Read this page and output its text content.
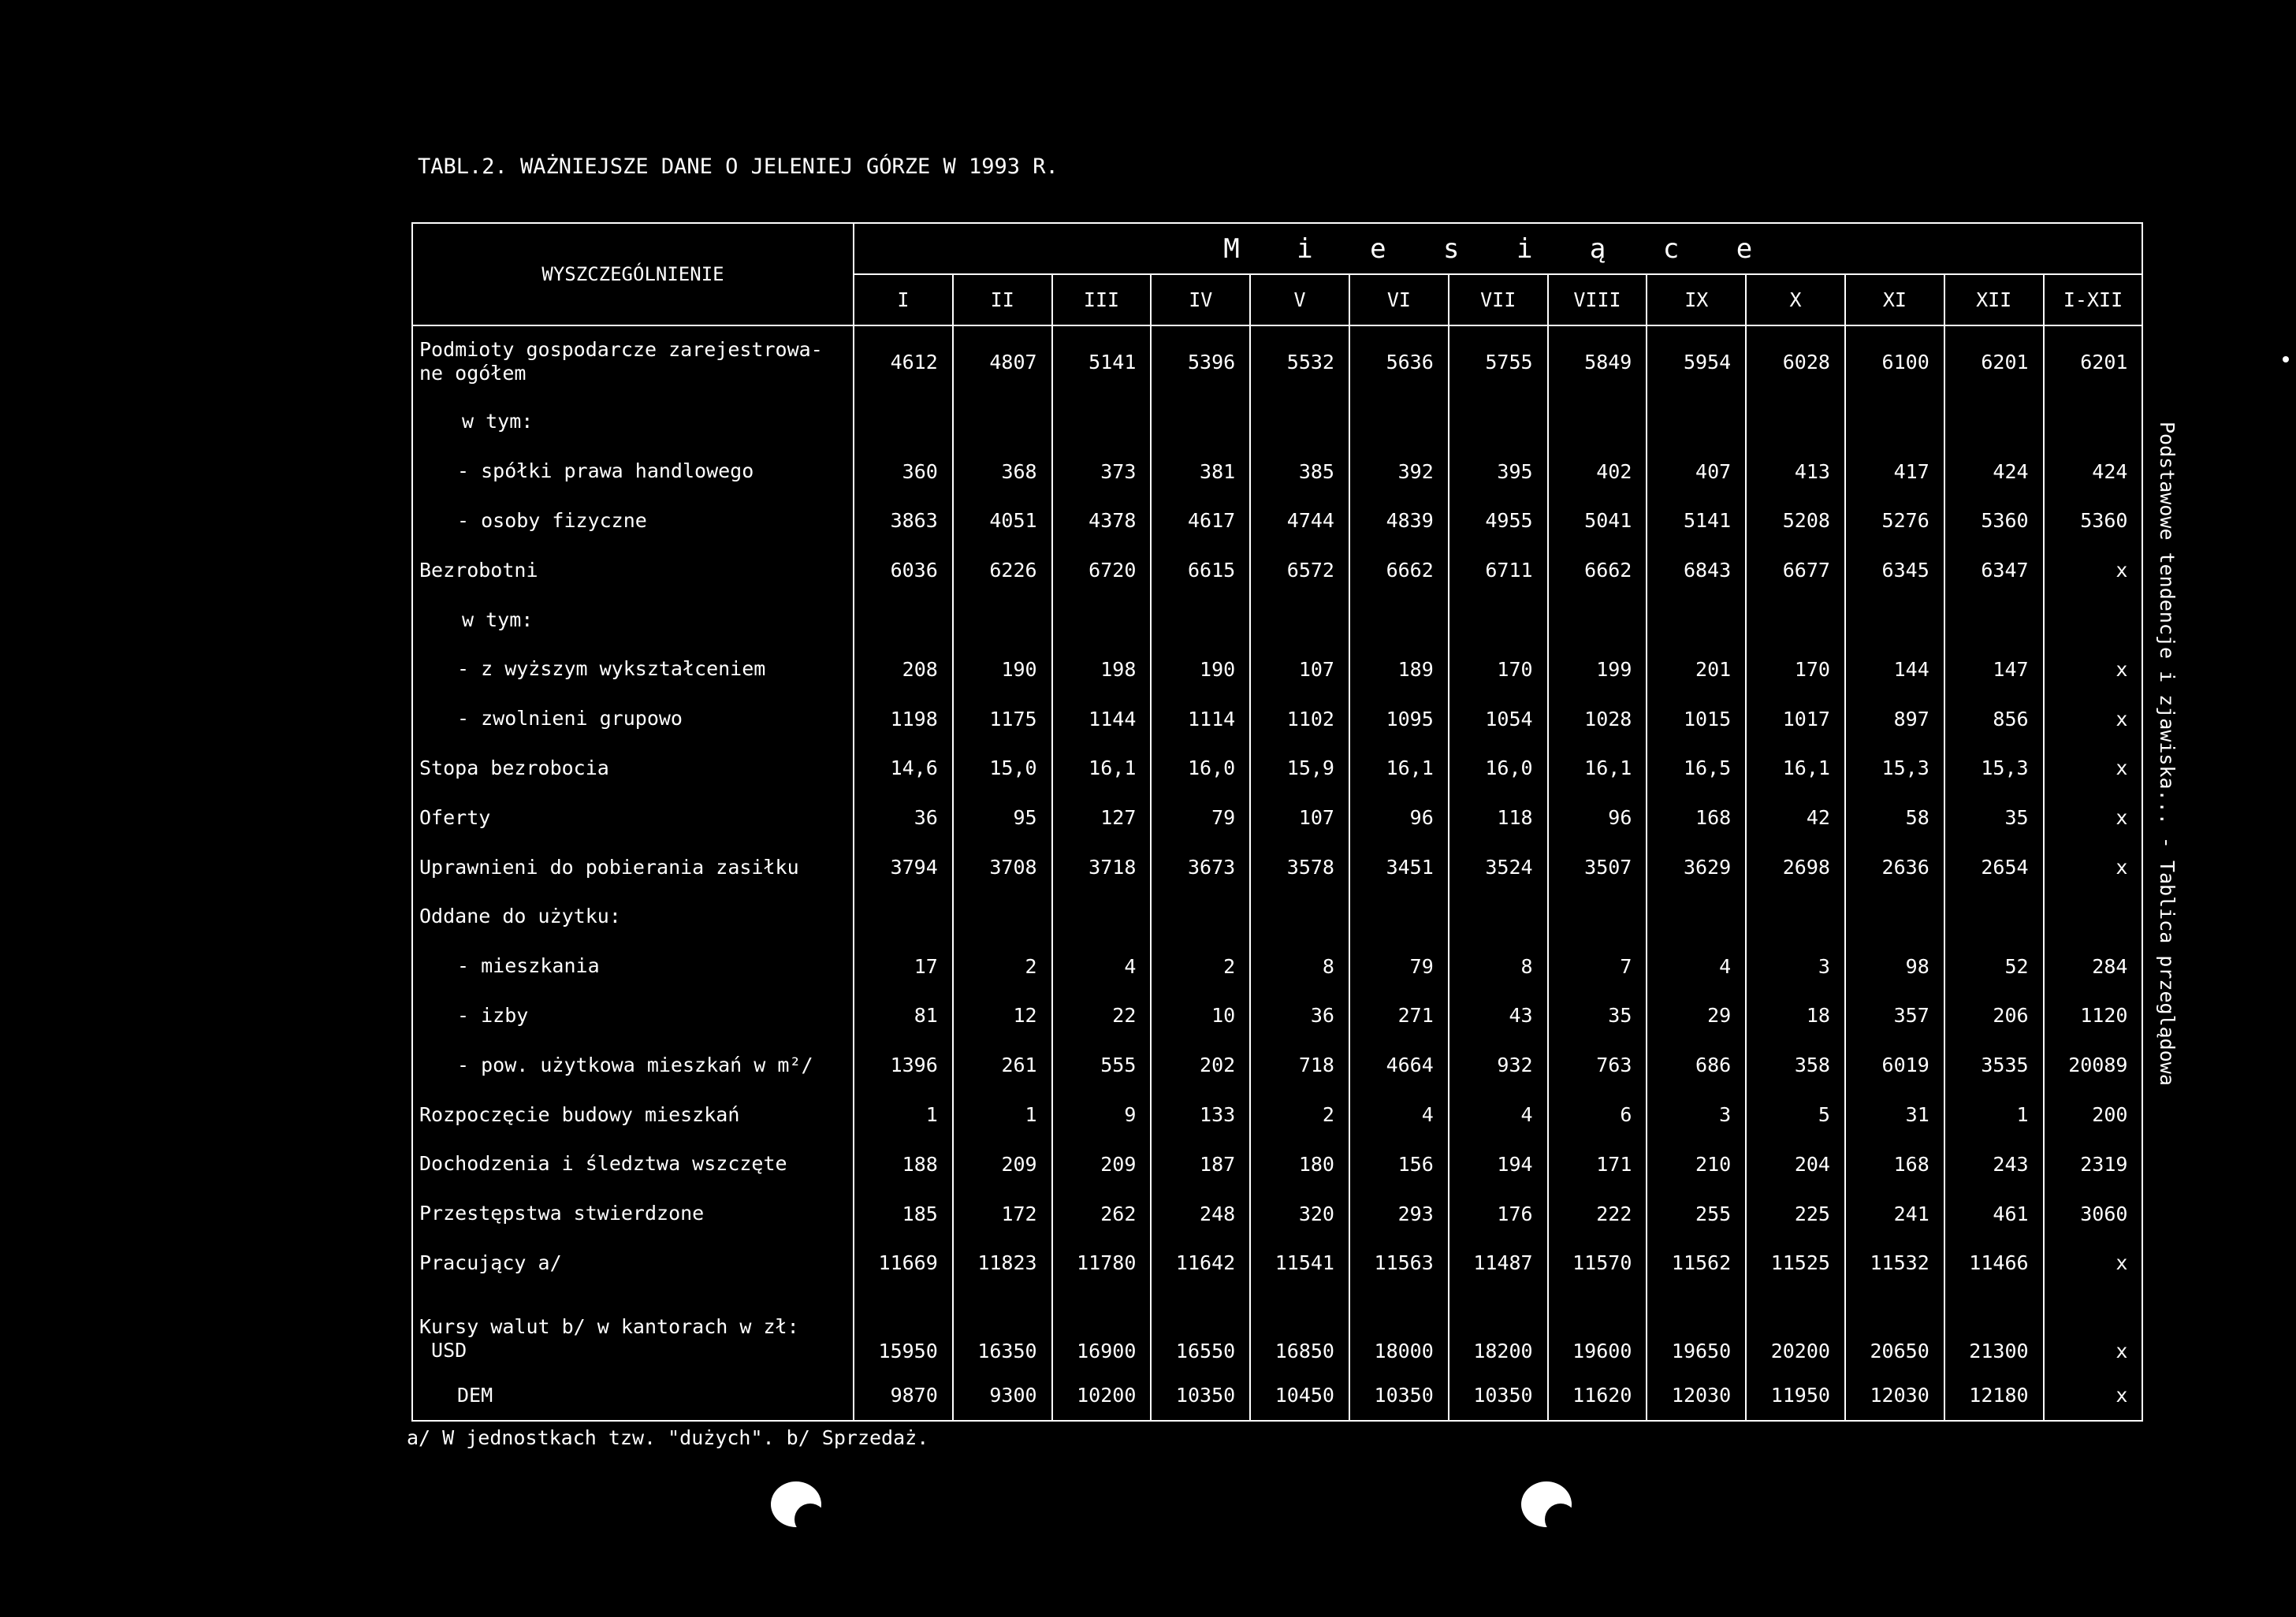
TABL.2. WAŻNIEJSZE DANE O JELENIEJ GÓRZE W 1993 R.
WYSZCZEGÓLNIENIE	M i e s i ą c e												
	I	II	III	IV	V	VI	VII	VIII	IX	X	XI	XII	I-XII
Podmioty gospodarcze zarejestrowa-
ne ogółem	4612	4807	5141	5396	5532	5636	5755	5849	5954	6028	6100	6201	6201
w tym:													
- spółki prawa handlowego	360	368	373	381	385	392	395	402	407	413	417	424	424
- osoby fizyczne	3863	4051	4378	4617	4744	4839	4955	5041	5141	5208	5276	5360	5360
Bezrobotni	6036	6226	6720	6615	6572	6662	6711	6662	6843	6677	6345	6347	x
w tym:													
- z wyższym wykształceniem	208	190	198	190	107	189	170	199	201	170	144	147	x
- zwolnieni grupowo	1198	1175	1144	1114	1102	1095	1054	1028	1015	1017	897	856	x
Stopa bezrobocia	14,6	15,0	16,1	16,0	15,9	16,1	16,0	16,1	16,5	16,1	15,3	15,3	x
Oferty	36	95	127	79	107	96	118	96	168	42	58	35	x
Uprawnieni do pobierania zasiłku	3794	3708	3718	3673	3578	3451	3524	3507	3629	2698	2636	2654	x
Oddane do użytku:													
- mieszkania	17	2	4	2	8	79	8	7	4	3	98	52	284
- izby	81	12	22	10	36	271	43	35	29	18	357	206	1120
- pow. użytkowa mieszkań w m²/	1396	261	555	202	718	4664	932	763	686	358	6019	3535	20089
Rozpoczęcie budowy mieszkań	1	1	9	133	2	4	4	6	3	5	31	1	200
Dochodzenia i śledztwa wszczęte	188	209	209	187	180	156	194	171	210	204	168	243	2319
Przestępstwa stwierdzone	185	172	262	248	320	293	176	222	255	225	241	461	3060
Pracujący a/	11669	11823	11780	11642	11541	11563	11487	11570	11562	11525	11532	11466	x
Kursy walut b/ w kantorach w zł:
USD	15950	16350	16900	16550	16850	18000	18200	19600	19650	20200	20650	21300	x
DEM	9870	9300	10200	10350	10450	10350	10350	11620	12030	11950	12030	12180	x
a/ W jednostkach tzw. "dużych". b/ Sprzedaż.
Podstawowe tendencje i zjawiska... - Tablica przeglądowa
